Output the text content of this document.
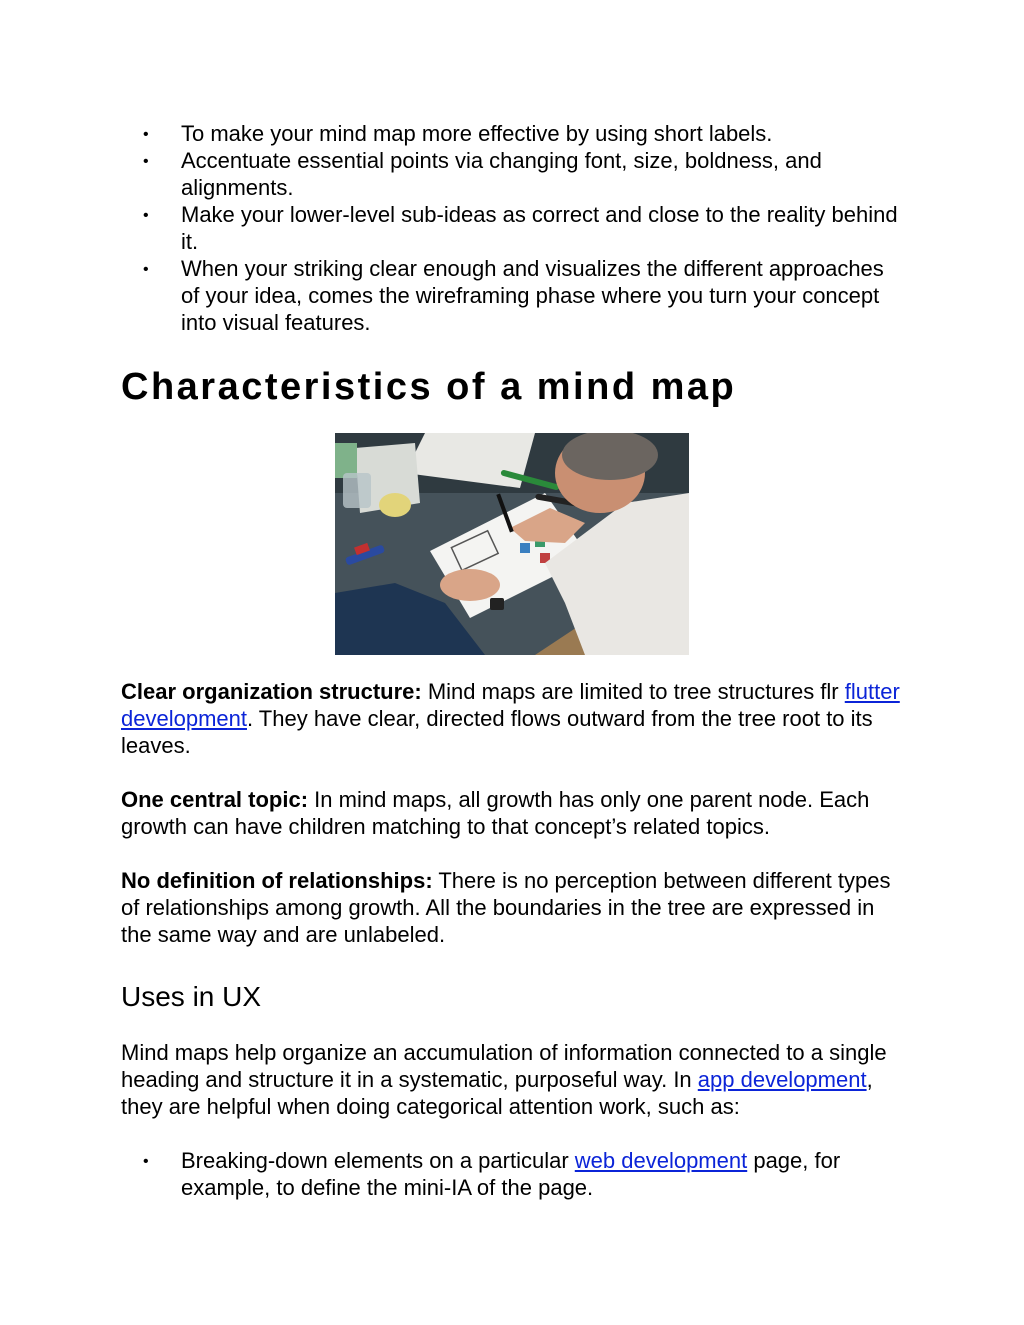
• To make your mind map more effective by using short labels.
• Accentuate essential points via changing font, size, boldness, and alignments.
• Make your lower-level sub-ideas as correct and close to the reality behind it.
• When your striking clear enough and visualizes the different approaches of your idea, comes the wireframing phase where you turn your concept into visual features.
Characteristics of a mind map

Clear organization structure: Mind maps are limited to tree structures flr flutter development. They have clear, directed flows outward from the tree root to its leaves.

One central topic: In mind maps, all growth has only one parent node. Each growth can have children matching to that concept’s related topics.

No definition of relationships: There is no perception between different types of relationships among growth. All the boundaries in the tree are expressed in the same way and are unlabeled.

Uses in UX

Mind maps help organize an accumulation of information connected to a single heading and structure it in a systematic, purposeful way. In app development, they are helpful when doing categorical attention work, such as:

• Breaking-down elements on a particular web development page, for example, to define the mini-IA of the page.
